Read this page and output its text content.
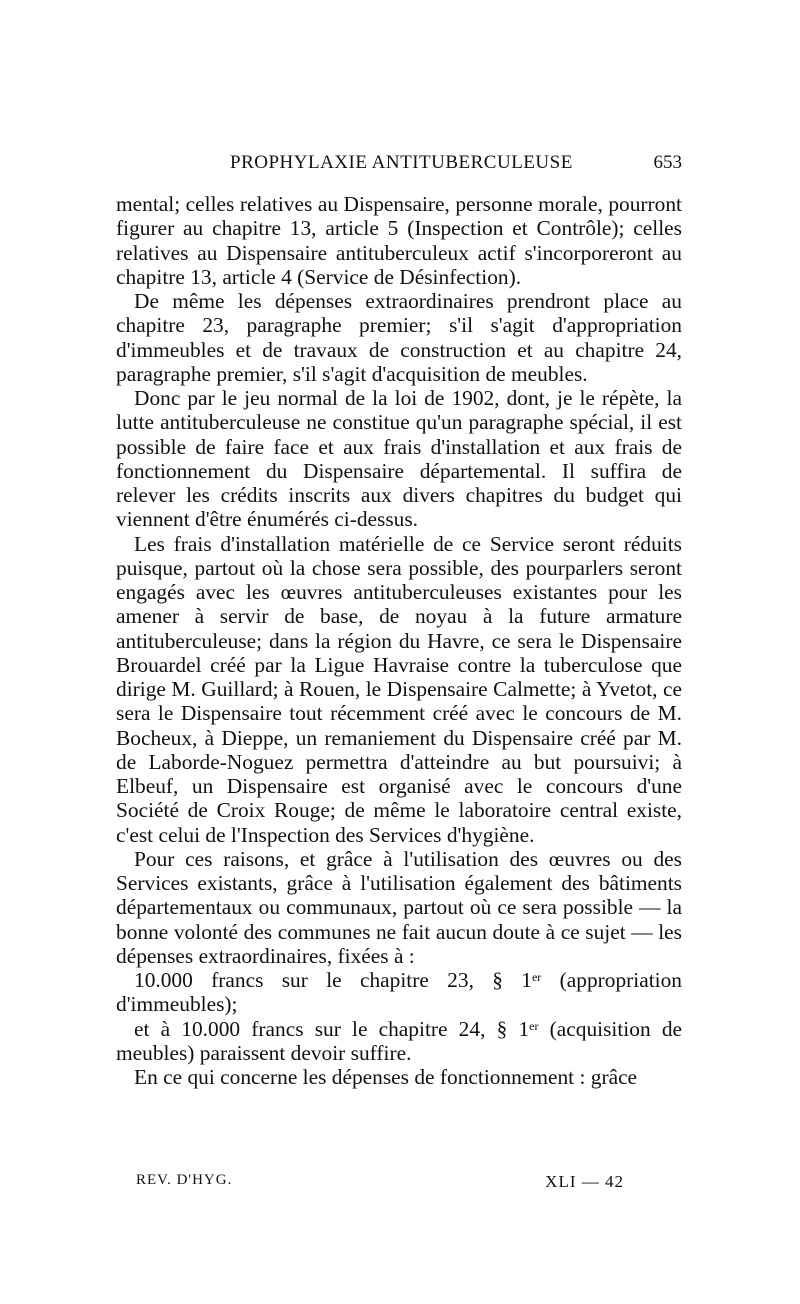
PROPHYLAXIE ANTITUBERCULEUSE	653

mental; celles relatives au Dispensaire, personne morale, pourront figurer au chapitre 13, article 5 (Inspection et Contrôle); celles relatives au Dispensaire antituberculeux actif s'incorporeront au chapitre 13, article 4 (Service de Désinfection).

De même les dépenses extraordinaires prendront place au chapitre 23, paragraphe premier; s'il s'agit d'appropriation d'immeubles et de travaux de construction et au chapitre 24, paragraphe premier, s'il s'agit d'acquisition de meubles.

Donc par le jeu normal de la loi de 1902, dont, je le répète, la lutte antituberculeuse ne constitue qu'un paragraphe spécial, il est possible de faire face et aux frais d'installation et aux frais de fonctionnement du Dispensaire départemental. Il suffira de relever les crédits inscrits aux divers chapitres du budget qui viennent d'être énumérés ci-dessus.

Les frais d'installation matérielle de ce Service seront réduits puisque, partout où la chose sera possible, des pourparlers seront engagés avec les œuvres antituberculeuses existantes pour les amener à servir de base, de noyau à la future armature antituberculeuse; dans la région du Havre, ce sera le Dispensaire Brouardel créé par la Ligue Havraise contre la tuberculose que dirige M. Guillard; à Rouen, le Dispensaire Calmette; à Yvetot, ce sera le Dispensaire tout récemment créé avec le concours de M. Bocheux, à Dieppe, un remaniement du Dispensaire créé par M. de Laborde-Noguez permettra d'atteindre au but poursuivi; à Elbeuf, un Dispensaire est organisé avec le concours d'une Société de Croix Rouge; de même le laboratoire central existe, c'est celui de l'Inspection des Services d'hygiène.

Pour ces raisons, et grâce à l'utilisation des œuvres ou des Services existants, grâce à l'utilisation également des bâtiments départementaux ou communaux, partout où ce sera possible — la bonne volonté des communes ne fait aucun doute à ce sujet — les dépenses extraordinaires, fixées à :

10.000 francs sur le chapitre 23, § 1er (appropriation d'immeubles);

et à 10.000 francs sur le chapitre 24, § 1er (acquisition de meubles) paraissent devoir suffire.

En ce qui concerne les dépenses de fonctionnement : grâce

REV. D'HYG.	XLI — 42
